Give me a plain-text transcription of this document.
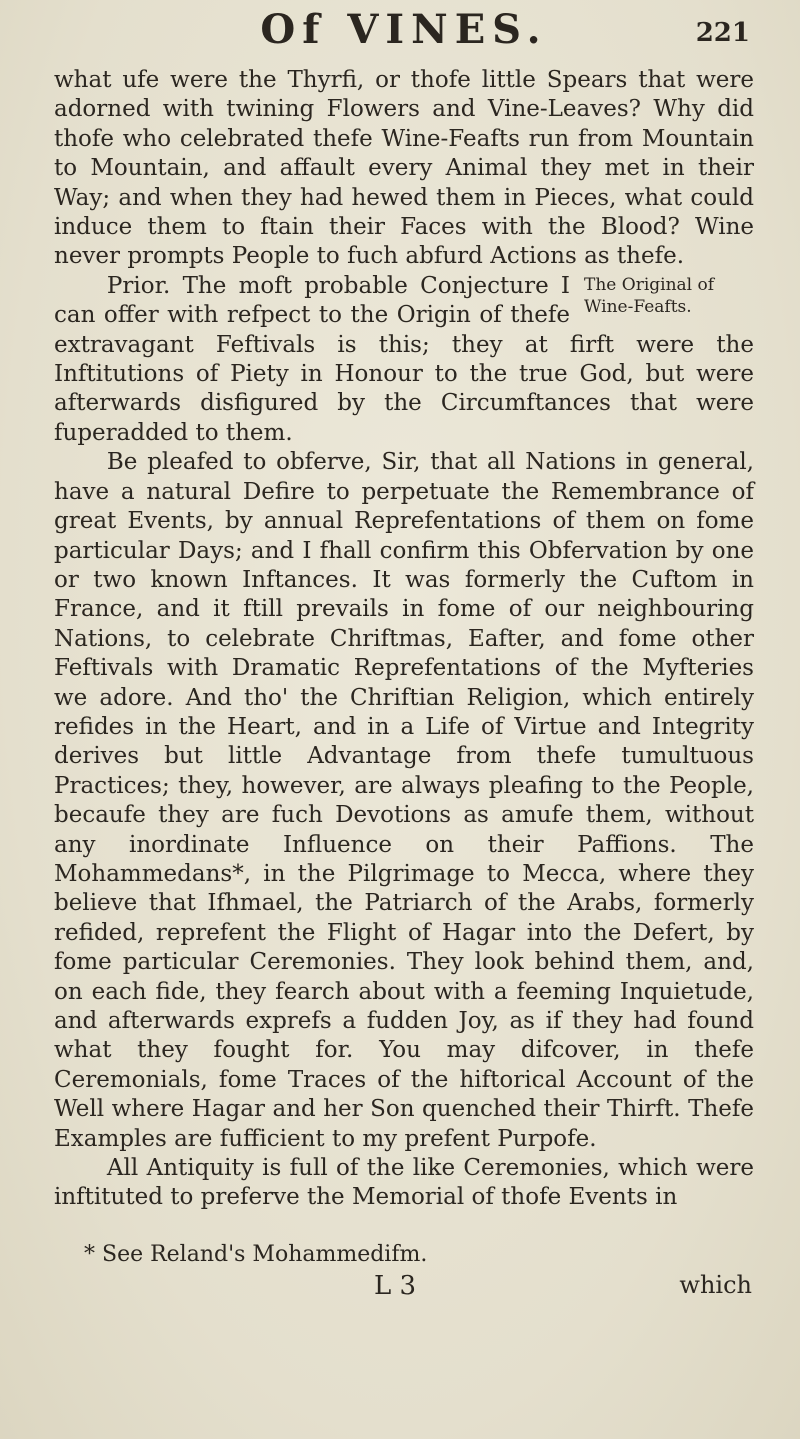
Of VINES.	221

what ufe were the Thyrfi, or thofe little Spears that were adorned with twining Flowers and Vine-Leaves? Why did thofe who celebrated thefe Wine-Feafts run from Mountain to Mountain, and affault every Animal they met in their Way; and when they had hewed them in Pieces, what could induce them to ftain their Faces with the Blood? Wine never prompts People to fuch abfurd Actions as thefe.

The Original of Wine-Feafts.

Prior. The moft probable Conjecture I can offer with refpect to the Origin of thefe extravagant Feftivals is this; they at firft were the Inftitutions of Piety in Honour to the true God, but were afterwards disfigured by the Circumftances that were fuperadded to them.

Be pleafed to obferve, Sir, that all Nations in general, have a natural Defire to perpetuate the Remembrance of great Events, by annual Reprefentations of them on fome particular Days; and I fhall confirm this Obfervation by one or two known Inftances. It was formerly the Cuftom in France, and it ftill prevails in fome of our neighbouring Nations, to celebrate Chriftmas, Eafter, and fome other Feftivals with Dramatic Reprefentations of the Myfteries we adore. And tho' the Chriftian Religion, which entirely refides in the Heart, and in a Life of Virtue and Integrity derives but little Advantage from thefe tumultuous Practices; they, however, are always pleafing to the People, becaufe they are fuch Devotions as amufe them, without any inordinate Influence on their Paffions. The Mohammedans*, in the Pilgrimage to Mecca, where they believe that Ifhmael, the Patriarch of the Arabs, formerly refided, reprefent the Flight of Hagar into the Defert, by fome particular Ceremonies. They look behind them, and, on each fide, they fearch about with a feeming Inquietude, and afterwards exprefs a fudden Joy, as if they had found what they fought for. You may difcover, in thefe Ceremonials, fome Traces of the hiftorical Account of the Well where Hagar and her Son quenched their Thirft. Thefe Examples are fufficient to my prefent Purpofe.

All Antiquity is full of the like Ceremonies, which were inftituted to preferve the Memorial of thofe Events in

* See Reland's Mohammedifm.
L 3	which
